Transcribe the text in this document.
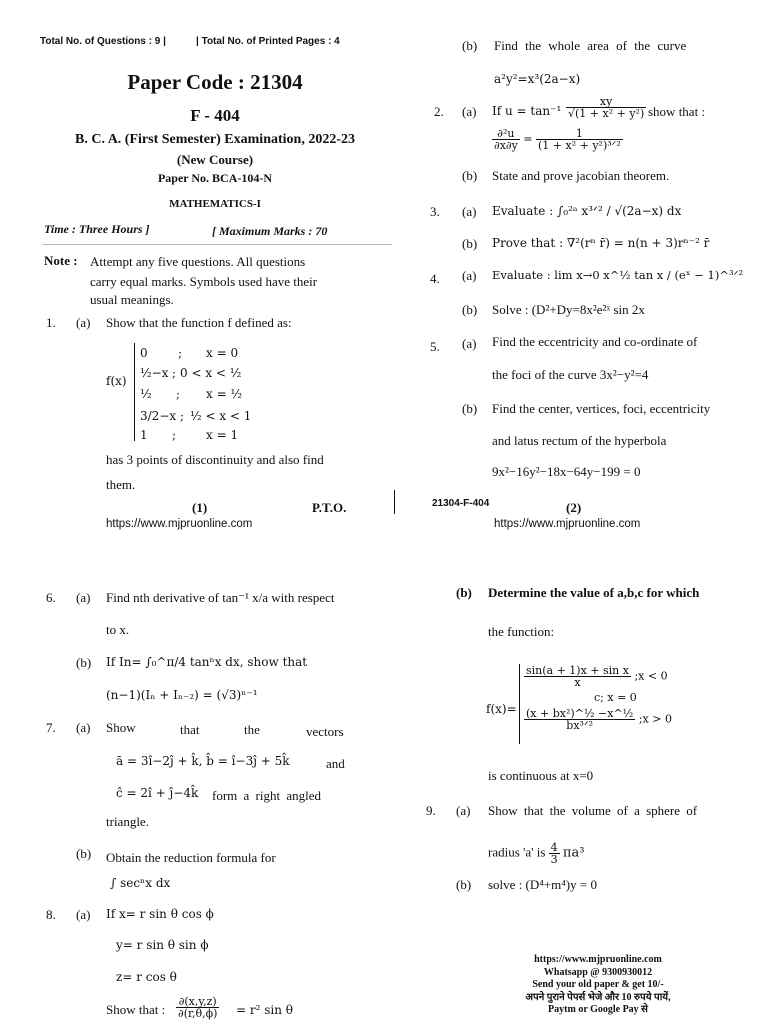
Total No. of Questions : 9 |	| Total No. of Printed Pages : 4
Paper Code : 21304
F - 404
B. C. A. (First Semester) Examination, 2022-23
(New Course)
Paper No. BCA-104-N
MATHEMATICS-I
Time : Three Hours ]	[ Maximum Marks : 70
Note : Attempt any five questions. All questions
carry equal marks. Symbols used have their
usual meanings.
1. (a) Show that the function f defined as:
f(x)
0	; x = 0
½−x ; 0 < x < ½
½ ; x = ½
3/2−x ; ½ < x < 1
1 ; x = 1
has 3 points of discontinuity and also find
them.
(1)	P.T.O.
https://www.mjpruonline.com
(b) Find the whole area of the curve
a²y²=x³(2a−x)
2. (a) If $u = \tan^{-1} \frac{xy}{\text{√(1 + x² + y²)}}$ show that :
$\frac{\text{∂²u}}{\partial x\partial y} = \frac{1}{\text{(1 + x² + y²)³ᐟ²}}$
(b) State and prove jacobian theorem.
3. (a) Evaluate : ∫₀²ᵃ x³ᐟ² / √(2a−x) dx
(b) Prove that : ∇²(rⁿ r̄) = n(n + 3)rⁿ⁻² r̄
4. (a) Evaluate : lim x→0 x^½ tan x / (eˣ − 1)^³ᐟ²
(b) Solve : (D²+Dy=8x²e²ˣ sin 2x
5. (a) Find the eccentricity and co-ordinate of
the foci of the curve 3x²−y²=4
(b) Find the center, vertices, foci, eccentricity
and latus rectum of the hyperbola
9x²−16y²−18x−64y−199 = 0
21304-F-404	(2)
https://www.mjpruonline.com
6. (a) Find nth derivative of tan⁻¹ x/a with respect
to x.
(b) If In= ∫₀^π/4 tanⁿx dx, show that
(n−1)(Iₙ + Iₙ₋₂) = (√3)ⁿ⁻¹
7. (a) Show	that	the	vectors
ā = 3î−2ĵ + k̂, b̂ = î−3ĵ + 5k̂	and
ĉ = 2î + ĵ−4k̂ form a right angled
triangle.
(b) Obtain the reduction formula for
∫ secⁿx dx
8. (a) If x= r sin θ cos ϕ
y= r sin θ sin ϕ
z= r cos θ
Show that : $\frac{\partial(x,y,z)}{\partial(r,\theta,\phi)} = r^2$ sin θ
(b) Determine the value of a,b,c for which
the function:
f(x)=
$\frac{\text{sin(a + 1)x + sin x}}{x}$ ;x < 0
c; x = 0
$\frac{\text{(x + bx²)\textasciicircum{}½ −x\textasciicircum{}½}}{\text{bx³ᐟ²}}$ ;x > 0
is continuous at x=0
9. (a) Show that the volume of a sphere of
radius 'a' is $\frac{4}{3} \pi a^3$
(b) solve : (D⁴+m⁴)y = 0
https://www.mjpruonline.com
Whatsapp @ 9300930012
Send your old paper & get 10/-
अपने पुराने पेपर्स भेजे और 10 रुपये पायें,
Paytm or Google Pay से
